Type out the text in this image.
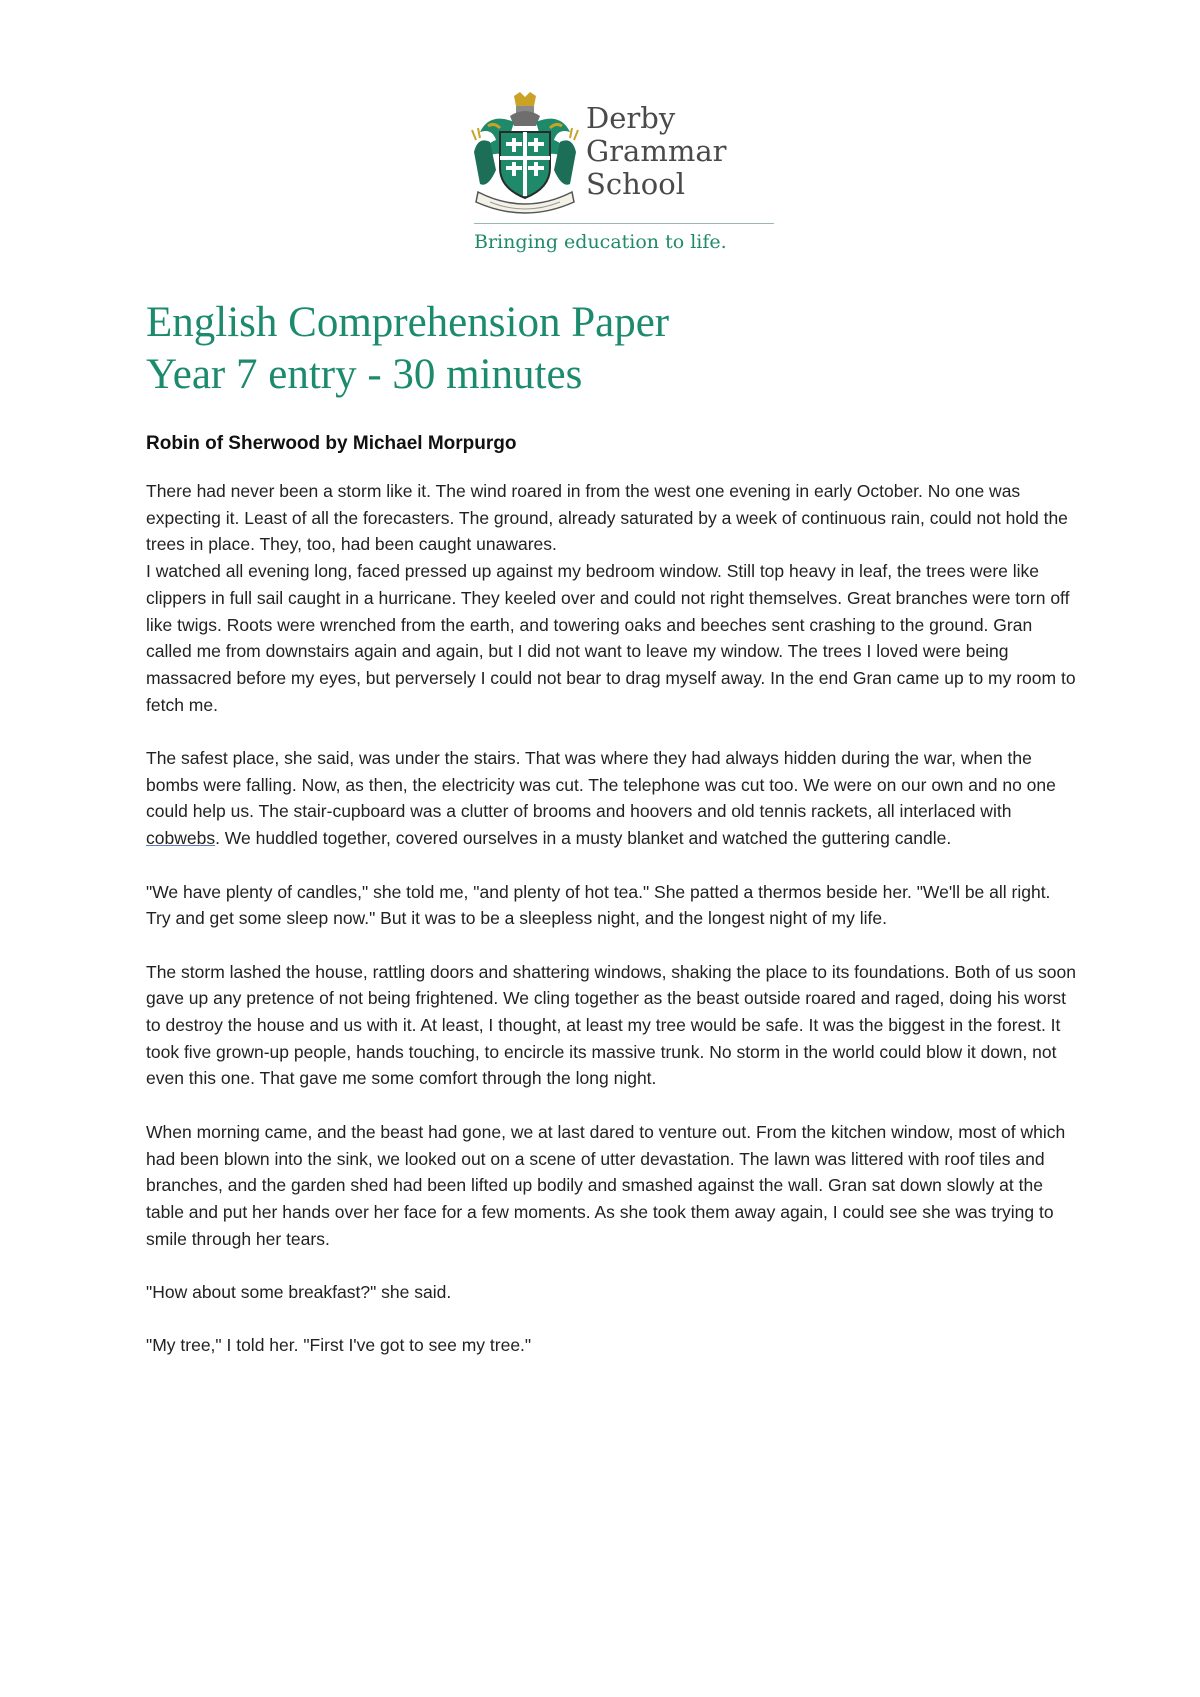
Derby
Grammar
School
Bringing education to life.
English Comprehension Paper
Year 7 entry - 30 minutes
Robin of Sherwood by Michael Morpurgo

There had never been a storm like it. The wind roared in from the west one evening in early October. No one was expecting it. Least of all the forecasters. The ground, already saturated by a week of continuous rain, could not hold the trees in place. They, too, had been caught unawares.

I watched all evening long, faced pressed up against my bedroom window. Still top heavy in leaf, the trees were like clippers in full sail caught in a hurricane. They keeled over and could not right themselves. Great branches were torn off like twigs. Roots were wrenched from the earth, and towering oaks and beeches sent crashing to the ground. Gran called me from downstairs again and again, but I did not want to leave my window. The trees I loved were being massacred before my eyes, but perversely I could not bear to drag myself away. In the end Gran came up to my room to fetch me.

The safest place, she said, was under the stairs. That was where they had always hidden during the war, when the bombs were falling. Now, as then, the electricity was cut. The telephone was cut too. We were on our own and no one could help us. The stair-cupboard was a clutter of brooms and hoovers and old tennis rackets, all interlaced with cobwebs. We huddled together, covered ourselves in a musty blanket and watched the guttering candle.

"We have plenty of candles," she told me, "and plenty of hot tea." She patted a thermos beside her. "We'll be all right. Try and get some sleep now." But it was to be a sleepless night, and the longest night of my life.

The storm lashed the house, rattling doors and shattering windows, shaking the place to its foundations. Both of us soon gave up any pretence of not being frightened. We cling together as the beast outside roared and raged, doing his worst to destroy the house and us with it. At least, I thought, at least my tree would be safe. It was the biggest in the forest. It took five grown-up people, hands touching, to encircle its massive trunk. No storm in the world could blow it down, not even this one. That gave me some comfort through the long night.

When morning came, and the beast had gone, we at last dared to venture out. From the kitchen window, most of which had been blown into the sink, we looked out on a scene of utter devastation. The lawn was littered with roof tiles and branches, and the garden shed had been lifted up bodily and smashed against the wall. Gran sat down slowly at the table and put her hands over her face for a few moments. As she took them away again, I could see she was trying to smile through her tears.

"How about some breakfast?" she said.

"My tree," I told her. "First I've got to see my tree."
